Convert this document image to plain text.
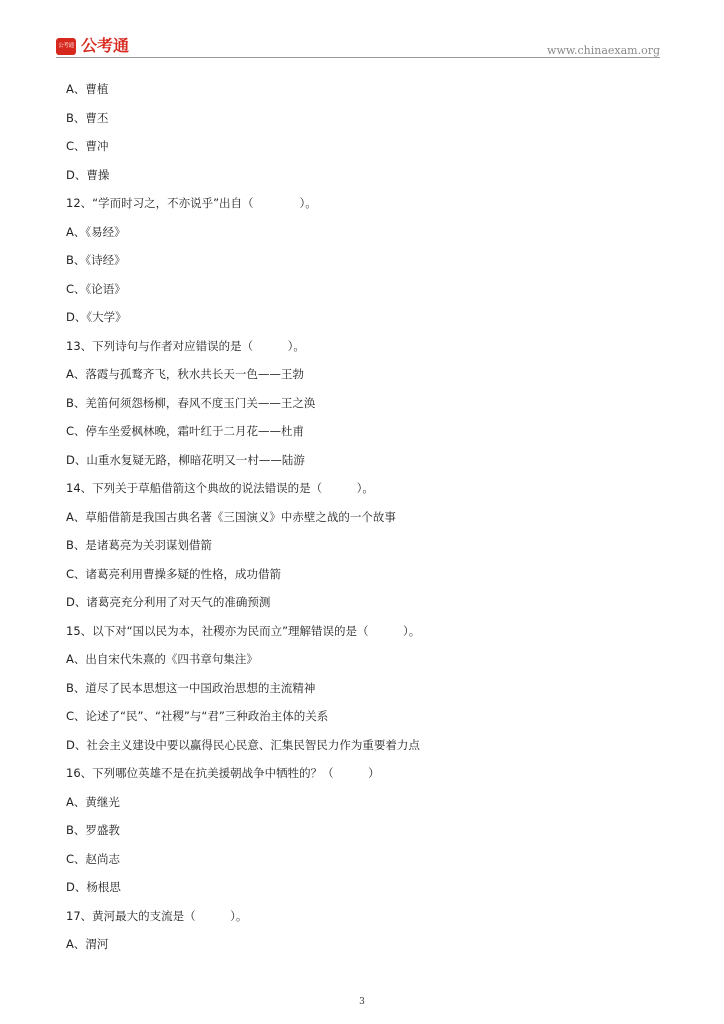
公考通 公考通	www.chinaexam.org
A、曹植
B、曹丕
C、曹冲
D、曹操
12、“学而时习之，不亦说乎”出自（　　　　）。
A、《易经》
B、《诗经》
C、《论语》
D、《大学》
13、下列诗句与作者对应错误的是（　　　）。
A、落霞与孤鹜齐飞，秋水共长天一色——王勃
B、羌笛何须怨杨柳，春风不度玉门关——王之涣
C、停车坐爱枫林晚，霜叶红于二月花——杜甫
D、山重水复疑无路，柳暗花明又一村——陆游
14、下列关于草船借箭这个典故的说法错误的是（　　　）。
A、草船借箭是我国古典名著《三国演义》中赤壁之战的一个故事
B、是诸葛亮为关羽谋划借箭
C、诸葛亮利用曹操多疑的性格，成功借箭
D、诸葛亮充分利用了对天气的准确预测
15、以下对“国以民为本，社稷亦为民而立”理解错误的是（　　　）。
A、出自宋代朱熹的《四书章句集注》
B、道尽了民本思想这一中国政治思想的主流精神
C、论述了“民”、“社稷”与“君”三种政治主体的关系
D、社会主义建设中要以赢得民心民意、汇集民智民力作为重要着力点
16、下列哪位英雄不是在抗美援朝战争中牺牲的？（　　　）
A、黄继光
B、罗盛教
C、赵尚志
D、杨根思
17、黄河最大的支流是（　　　）。
A、渭河
3
